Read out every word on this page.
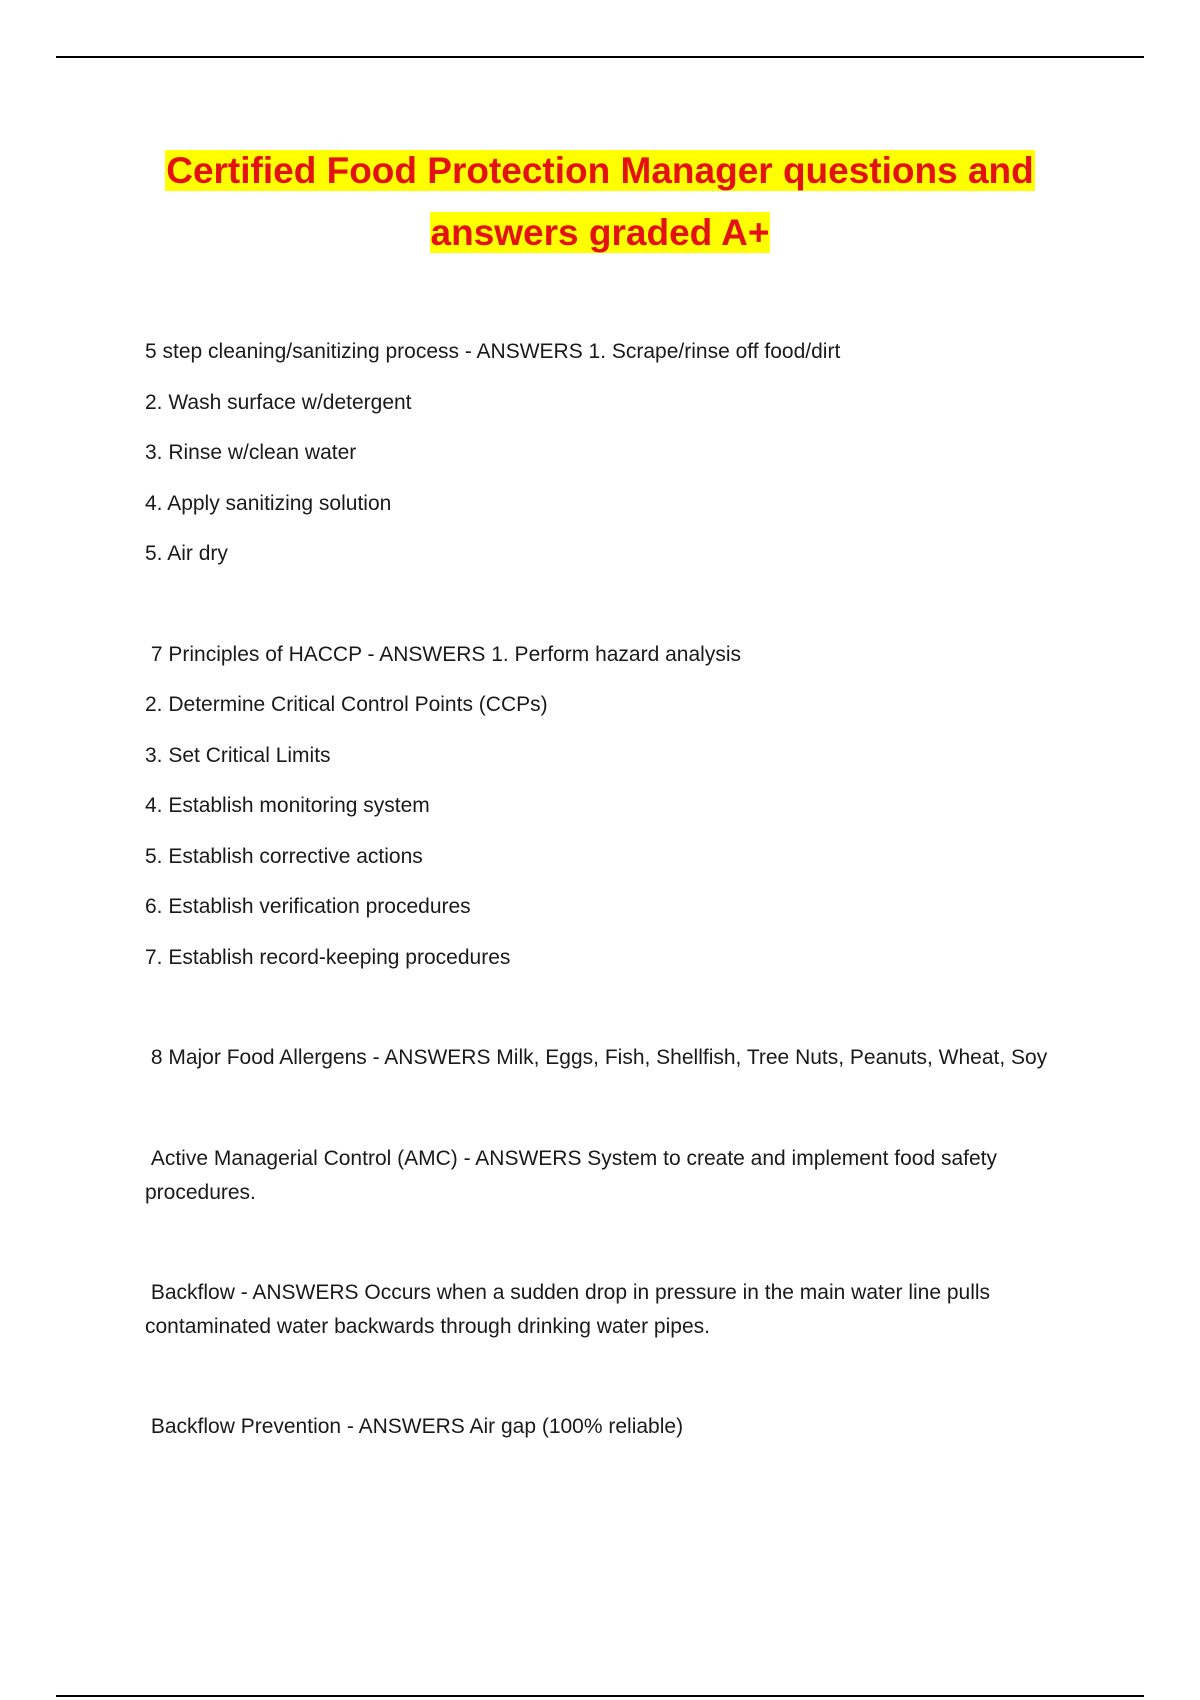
Certified Food Protection Manager questions and
answers graded A+

5 step cleaning/sanitizing process - ANSWERS 1. Scrape/rinse off food/dirt

2. Wash surface w/detergent

3. Rinse w/clean water

4. Apply sanitizing solution

5. Air dry

7 Principles of HACCP - ANSWERS 1. Perform hazard analysis

2. Determine Critical Control Points (CCPs)

3. Set Critical Limits

4. Establish monitoring system

5. Establish corrective actions

6. Establish verification procedures

7. Establish record-keeping procedures

8 Major Food Allergens - ANSWERS Milk, Eggs, Fish, Shellfish, Tree Nuts, Peanuts, Wheat, Soy

Active Managerial Control (AMC) - ANSWERS System to create and implement food safety procedures.

Backflow - ANSWERS Occurs when a sudden drop in pressure in the main water line pulls contaminated water backwards through drinking water pipes.

Backflow Prevention - ANSWERS Air gap (100% reliable)
